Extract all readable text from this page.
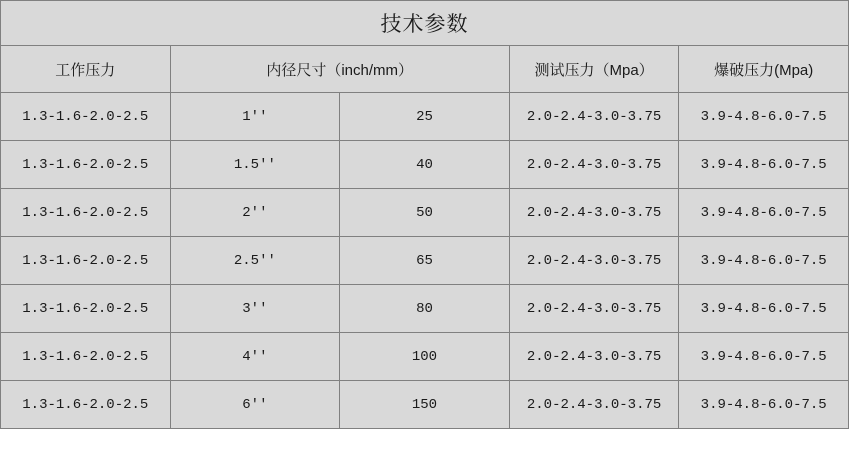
技术参数				
工作压力	内径尺寸（inch/mm）		测试压力（Mpa）	爆破压力(Mpa)
1.3-1.6-2.0-2.5	1''	25	2.0-2.4-3.0-3.75	3.9-4.8-6.0-7.5
1.3-1.6-2.0-2.5	1.5''	40	2.0-2.4-3.0-3.75	3.9-4.8-6.0-7.5
1.3-1.6-2.0-2.5	2''	50	2.0-2.4-3.0-3.75	3.9-4.8-6.0-7.5
1.3-1.6-2.0-2.5	2.5''	65	2.0-2.4-3.0-3.75	3.9-4.8-6.0-7.5
1.3-1.6-2.0-2.5	3''	80	2.0-2.4-3.0-3.75	3.9-4.8-6.0-7.5
1.3-1.6-2.0-2.5	4''	100	2.0-2.4-3.0-3.75	3.9-4.8-6.0-7.5
1.3-1.6-2.0-2.5	6''	150	2.0-2.4-3.0-3.75	3.9-4.8-6.0-7.5
